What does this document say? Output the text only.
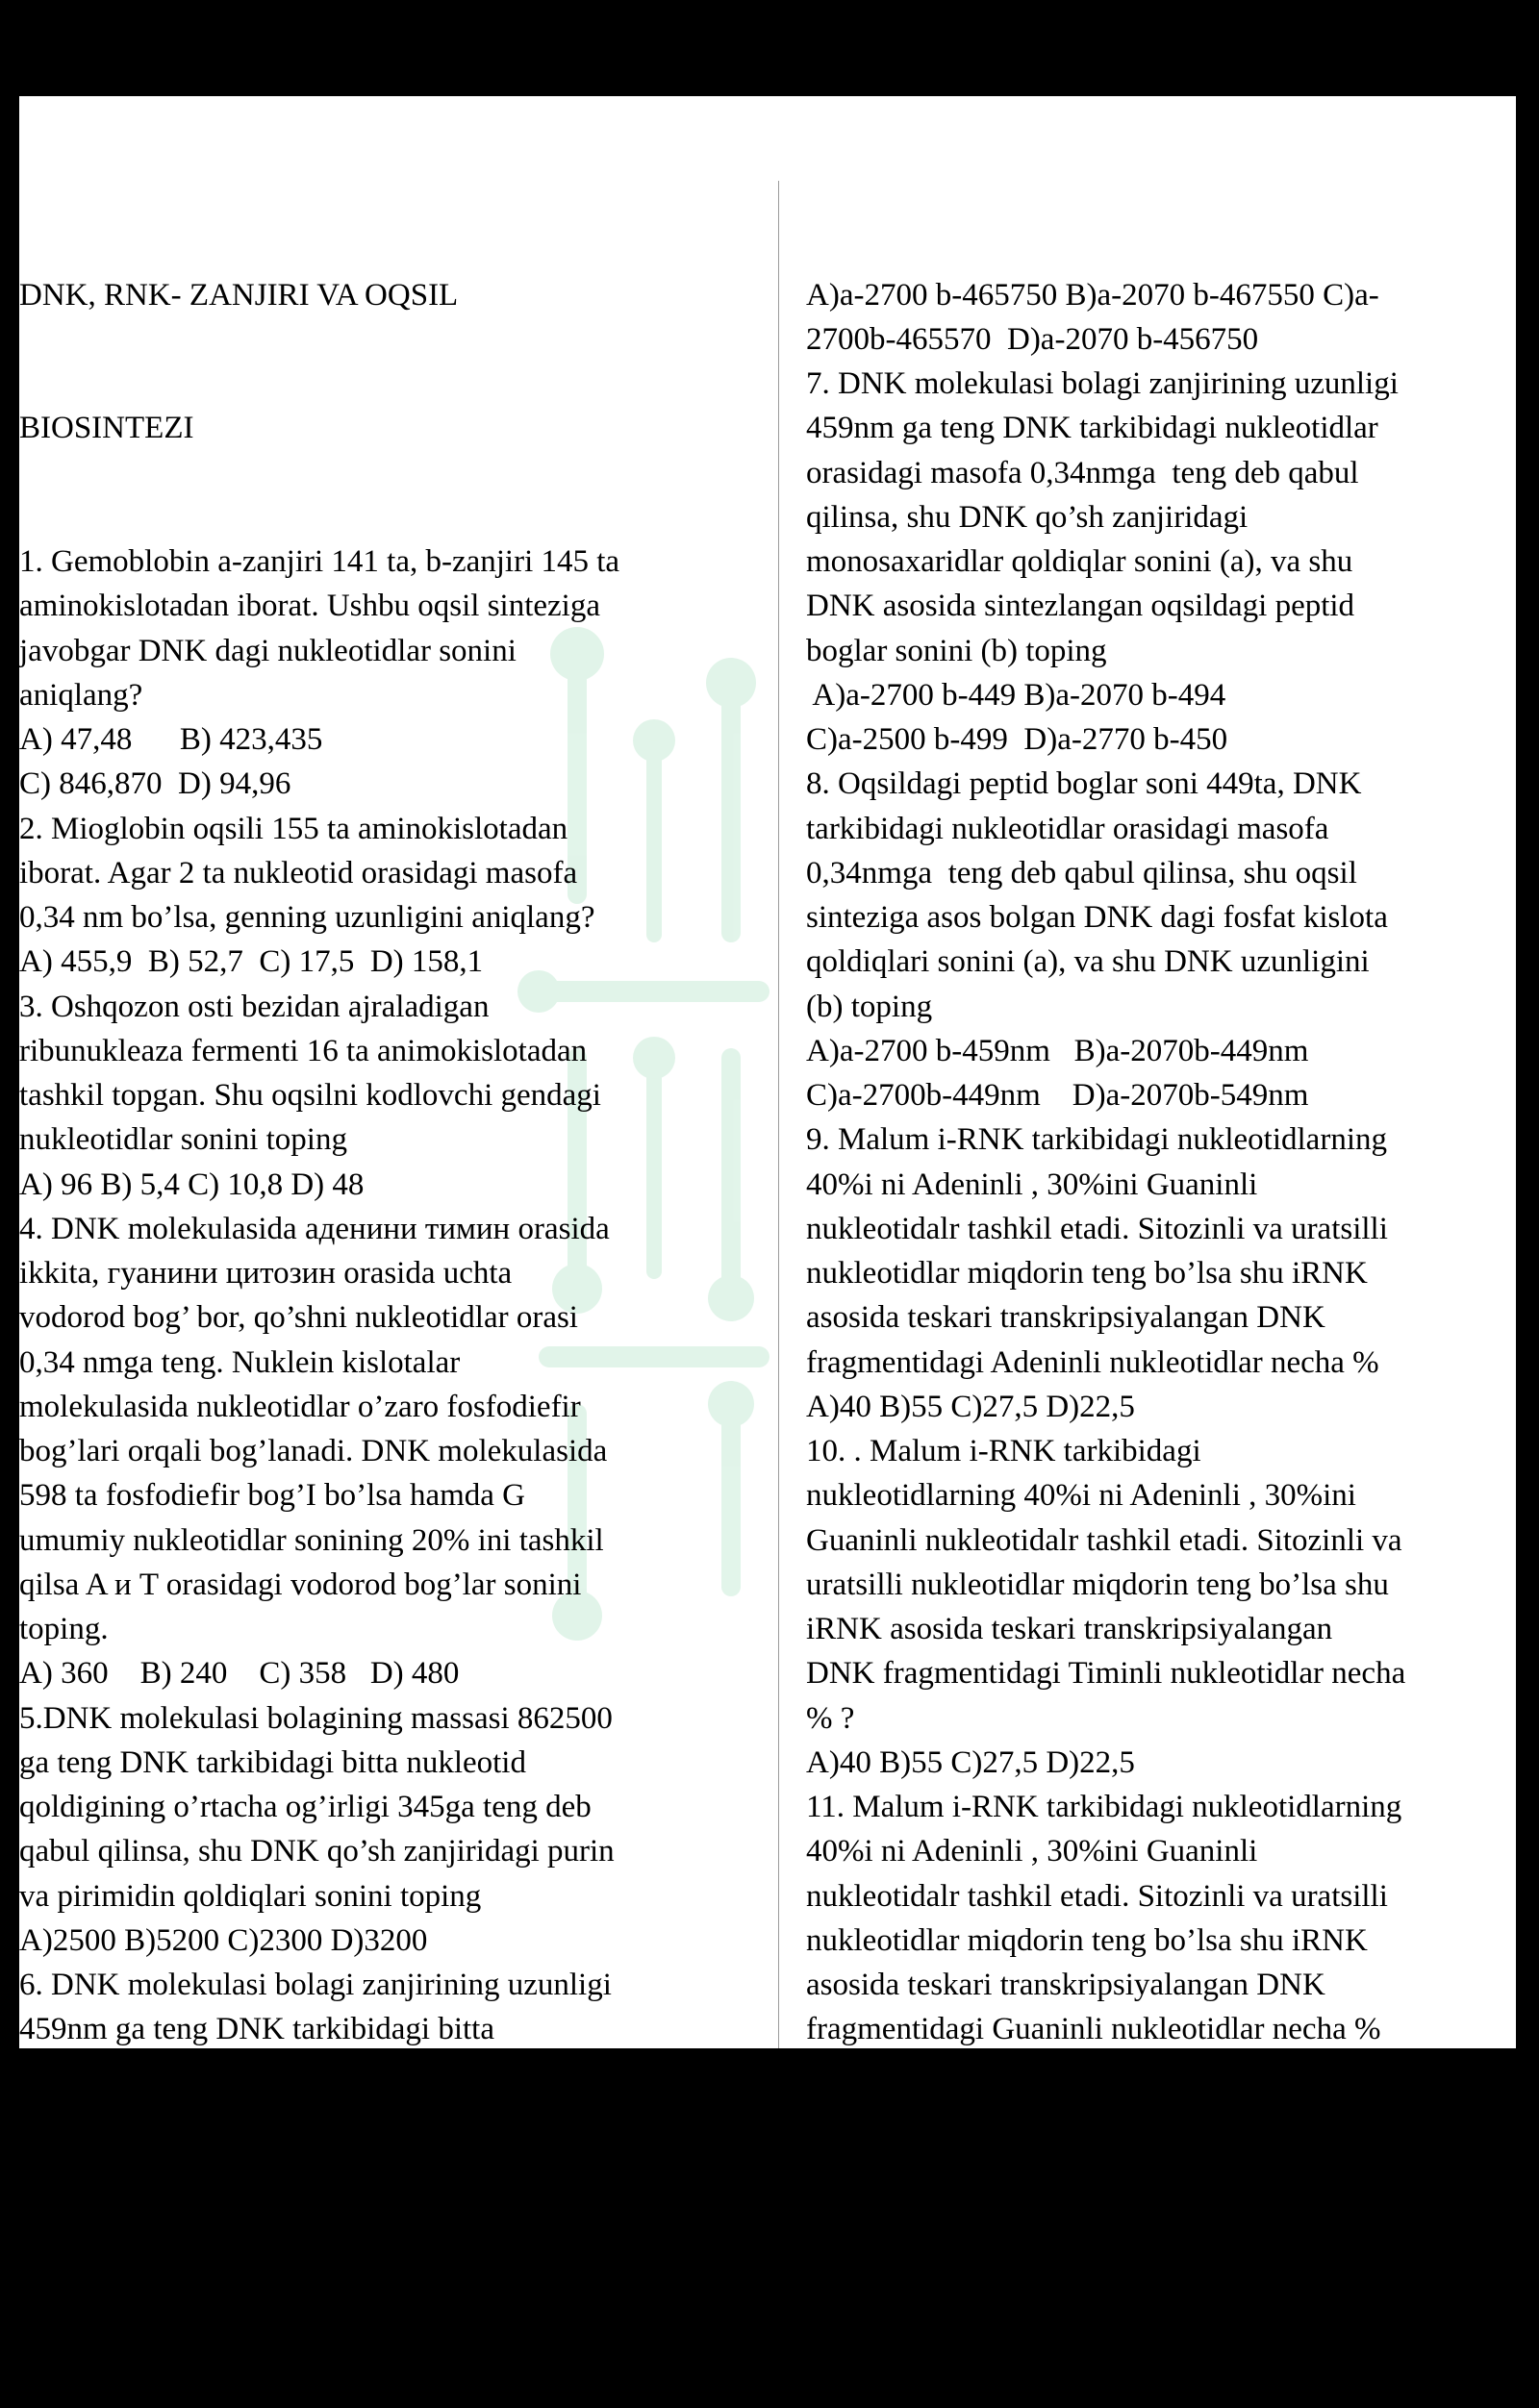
DNK, RNK- ZANJIRI VA OQSIL

BIOSINTEZI

1. Gemoblobin a-zanjiri 141 ta, b-zanjiri 145 ta
aminokislotadan iborat. Ushbu oqsil sinteziga
javobgar DNK dagi nukleotidlar sonini
aniqlang?
A) 47,48      B) 423,435
C) 846,870  D) 94,96
2. Mioglobin oqsili 155 ta aminokislotadan
iborat. Agar 2 ta nukleotid orasidagi masofa
0,34 nm bo’lsa, genning uzunligini aniqlang?
A) 455,9  B) 52,7  C) 17,5  D) 158,1
3. Oshqozon osti bezidan ajraladigan
ribunukleaza fermenti 16 ta animokislotadan
tashkil topgan. Shu oqsilni kodlovchi gendagi
nukleotidlar sonini toping
A) 96 B) 5,4 C) 10,8 D) 48
4. DNK molekulasida аденини тимин orasida
ikkita, гуанини цитозин orasida uchta
vodorod bog’ bor, qo’shni nukleotidlar orasi
0,34 nmga teng. Nuklein kislotalar
molekulasida nukleotidlar o’zaro fosfodiefir
bog’lari orqali bog’lanadi. DNK molekulasida
598 ta fosfodiefir bog’I bo’lsa hamda G
umumiy nukleotidlar sonining 20% ini tashkil
qilsa A и T orasidagi vodorod bog’lar sonini
toping.
A) 360    B) 240    C) 358   D) 480
5.DNK molekulasi bolagining massasi 862500
ga teng DNK tarkibidagi bitta nukleotid
qoldigining o’rtacha og’irligi 345ga teng deb
qabul qilinsa, shu DNK qo’sh zanjiridagi purin
va pirimidin qoldiqlari sonini toping
A)2500 B)5200 C)2300 D)3200
6. DNK molekulasi bolagi zanjirining uzunligi
459nm ga teng DNK tarkibidagi bitta
nukleotid qoldigining o’rtacha og’irligi
345ga,nukleotidlar orasidagi masofa 0,34nmga
teng deb qabul qilinsa, shu DNK qo’sh
zanjiridagi purin va pirimidin qoldiqlari sonini
(a), va shu DNK asosida sintezlangan i-RNK
molekulasining og’irligini hisoblang

A)a-2700 b-465750 B)a-2070 b-467550 C)a-
2700b-465570  D)a-2070 b-456750
7. DNK molekulasi bolagi zanjirining uzunligi
459nm ga teng DNK tarkibidagi nukleotidlar
orasidagi masofa 0,34nmga  teng deb qabul
qilinsa, shu DNK qo’sh zanjiridagi
monosaxaridlar qoldiqlar sonini (a), va shu
DNK asosida sintezlangan oqsildagi peptid
boglar sonini (b) toping
A)a-2700 b-449 B)a-2070 b-494
C)a-2500 b-499  D)a-2770 b-450
8. Oqsildagi peptid boglar soni 449ta, DNK
tarkibidagi nukleotidlar orasidagi masofa
0,34nmga  teng deb qabul qilinsa, shu oqsil
sinteziga asos bolgan DNK dagi fosfat kislota
qoldiqlari sonini (a), va shu DNK uzunligini
(b) toping
A)a-2700 b-459nm   B)a-2070b-449nm
C)a-2700b-449nm    D)a-2070b-549nm
9. Malum i-RNK tarkibidagi nukleotidlarning
40%i ni Adeninli , 30%ini Guaninli
nukleotidalr tashkil etadi. Sitozinli va uratsilli
nukleotidlar miqdorin teng bo’lsa shu iRNK
asosida teskari transkripsiyalangan DNK
fragmentidagi Adeninli nukleotidlar necha %
A)40 B)55 C)27,5 D)22,5
10. . Malum i-RNK tarkibidagi
nukleotidlarning 40%i ni Adeninli , 30%ini
Guaninli nukleotidalr tashkil etadi. Sitozinli va
uratsilli nukleotidlar miqdorin teng bo’lsa shu
iRNK asosida teskari transkripsiyalangan
DNK fragmentidagi Timinli nukleotidlar necha
% ?
A)40 B)55 C)27,5 D)22,5
11. Malum i-RNK tarkibidagi nukleotidlarning
40%i ni Adeninli , 30%ini Guaninli
nukleotidalr tashkil etadi. Sitozinli va uratsilli
nukleotidlar miqdorin teng bo’lsa shu iRNK
asosida teskari transkripsiyalangan DNK
fragmentidagi Guaninli nukleotidlar necha %
A)40 B)55 C)27,5 D)22,5
